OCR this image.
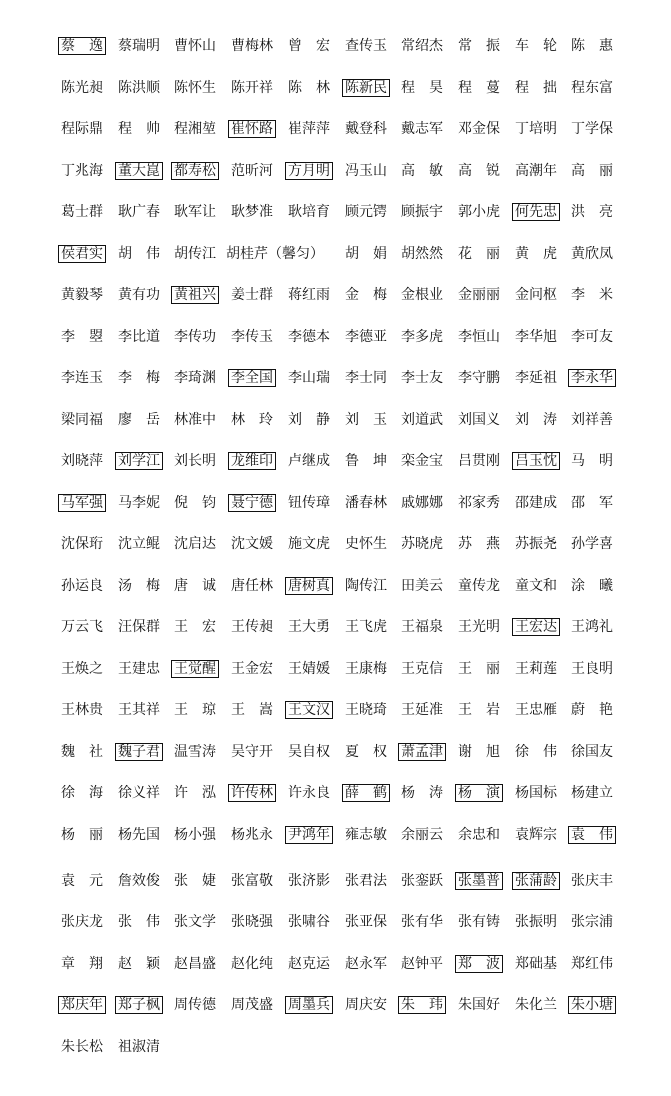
蔡　逸 蔡瑞明 曹怀山 曹梅林 曾　宏 查传玉 常绍杰 常　振 车　轮 陈　惠
陈光昶 陈洪顺 陈怀生 陈开祥 陈　林 陈新民 程　昊 程　蔓 程　拙 程东富
程际鼎 程　帅 程湘堃 崔怀路 崔萍萍 戴登科 戴志军 邓金保 丁培明 丁学保
丁兆海 董大崑 都寿松 范昕河 方月明 冯玉山 高　敏 高　锐 高潮年 高　丽
葛士群 耿广春 耿军让 耿梦准 耿培育 顾元锷 顾振宇 郭小虎 何先忠 洪　亮
侯君实 胡　伟 胡传江 胡桂芹（馨匀） 胡　娟 胡然然 花　丽 黄　虎 黄欣凤
黄毅琴 黄有功 黄祖兴 姜士群 蒋红雨 金　梅 金根业 金丽丽 金问枢 李　米
李　曌 李比道 李传功 李传玉 李德本 李德亚 李多虎 李恒山 李华旭 李可友
李连玉 李　梅 李琦渊 李全国 李山瑞 李士同 李士友 李守鹏 李延祖 李永华
梁同福 廖　岳 林准中 林　玲 刘　静 刘　玉 刘道武 刘国义 刘　涛 刘祥善
刘晓萍 刘学江 刘长明 龙维印 卢继成 鲁　坤 栾金宝 吕贯刚 吕玉忱 马　明
马军强 马李妮 倪　钧 聂宁德 钮传璋 潘春林 戚娜娜 祁家秀 邵建成 邵　军
沈保珩 沈立鲲 沈启达 沈文媛 施文虎 史怀生 苏晓虎 苏　燕 苏振尧 孙学喜
孙运良 汤　梅 唐　诚 唐任林 唐树真 陶传江 田美云 童传龙 童文和 涂　曦
万云飞 汪保群 王　宏 王传昶 王大勇 王飞虎 王福泉 王光明 王宏达 王鸿礼
王焕之 王建忠 王觉醒 王金宏 王婧媛 王康梅 王克信 王　丽 王莉莲 王良明
王林贵 王其祥 王　琼 王　嵩 王文汉 王晓琦 王延准 王　岩 王忠雁 蔚　艳
魏　社 魏子君 温雪涛 吴守开 吴自权 夏　权 萧孟津 谢　旭 徐　伟 徐国友
徐　海 徐义祥 许　泓 许传林 许永良 薛　鹤 杨　涛 杨　演 杨国标 杨建立
杨　丽 杨先国 杨小强 杨兆永 尹鸿年 雍志敏 余丽云 余忠和 袁辉宗 袁　伟
袁　元 詹效俊 张　婕 张富敬 张济影 张君法 张銮跃 张墨普 张蒲龄 张庆丰
张庆龙 张　伟 张文学 张晓强 张啸谷 张亚保 张有华 张有铸 张振明 张宗浦
章　翔 赵　颖 赵昌盛 赵化纯 赵克运 赵永军 赵钟平 郑　波 郑础基 郑红伟
郑庆年 郑子枫 周传德 周茂盛 周墨兵 周庆安 朱　玮 朱国好 朱化兰 朱小塘
朱长松 祖淑清
